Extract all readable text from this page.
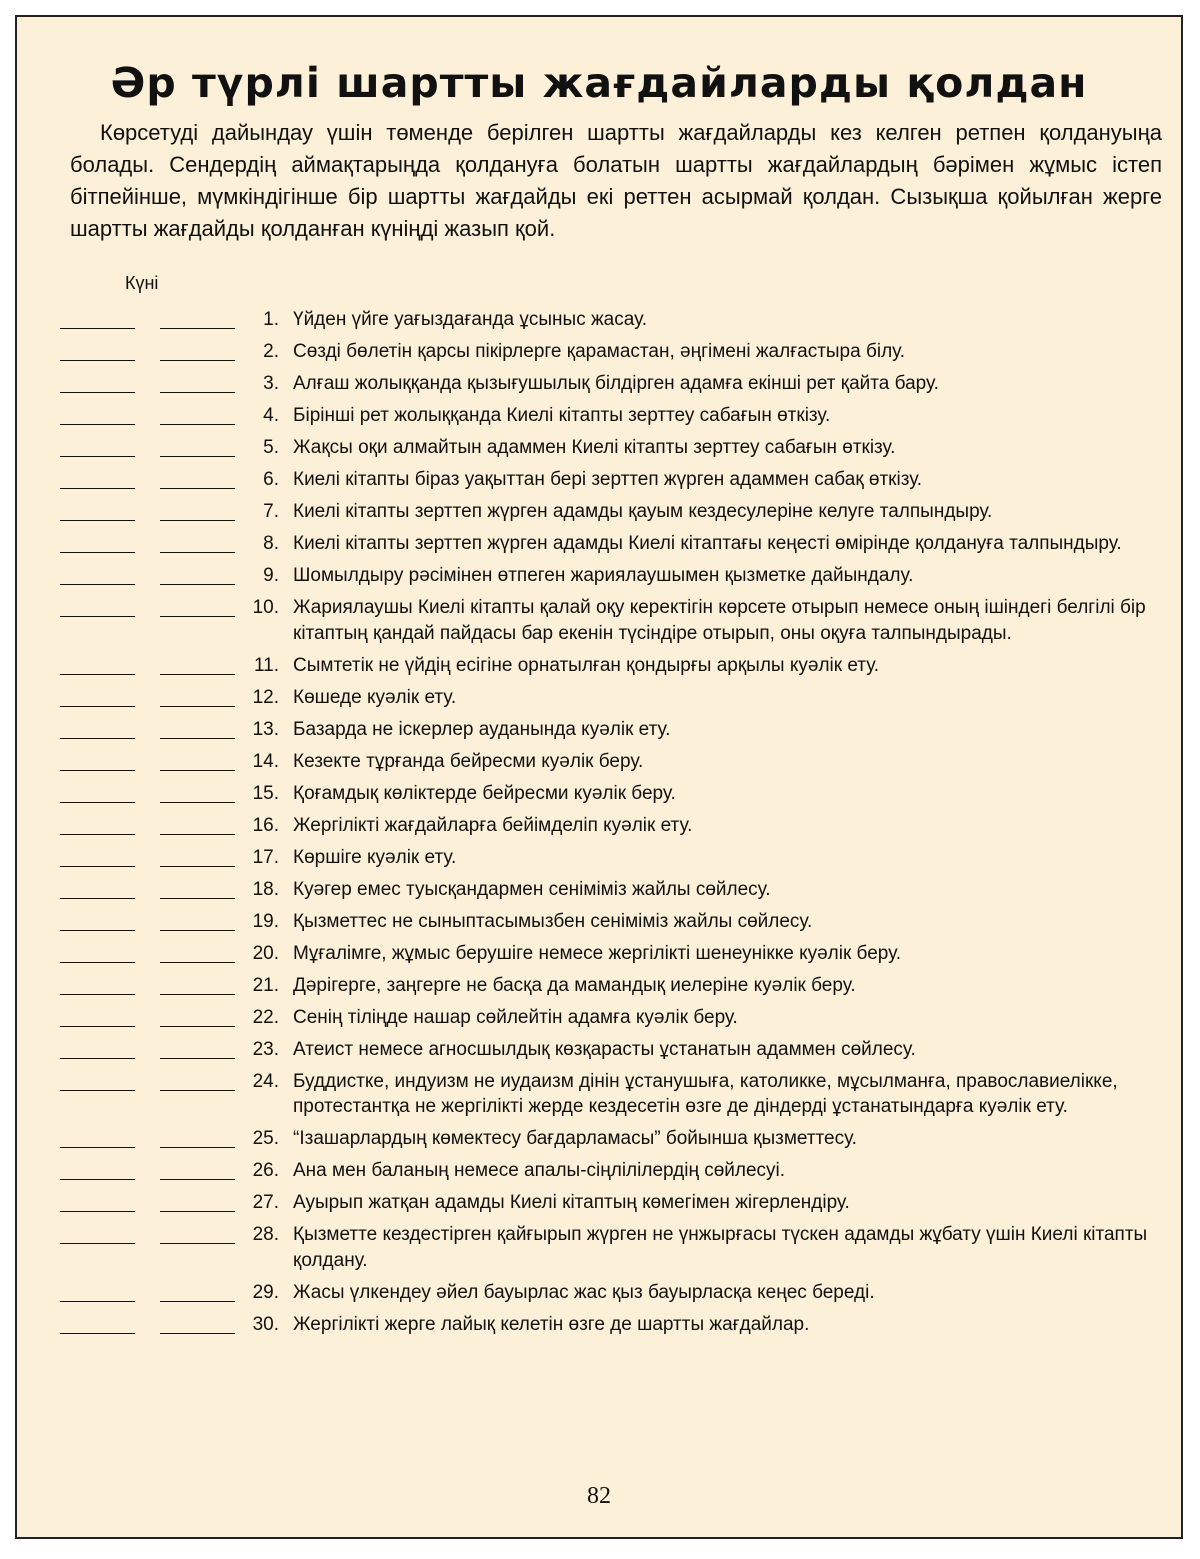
Әр түрлі шартты жағдайларды қолдан

Көрсетуді дайындау үшін төменде берілген шартты жағдайларды кез келген ретпен қолдануыңа болады. Сендердің аймақтарыңда қолдануға болатын шартты жағдайлардың бәрімен жұмыс істеп бітпейінше, мүмкіндігінше бір шартты жағдайды екі реттен асырмай қолдан. Сызықша қойылған жерге шартты жағдайды қолданған күніңді жазып қой.

Күні
1. Үйден үйге уағыздағанда ұсыныс жасау.
2. Сөзді бөлетін қарсы пікірлерге қарамастан, әңгімені жалғастыра білу.
3. Алғаш жолыққанда қызығушылық білдірген адамға екінші рет қайта бару.
4. Бірінші рет жолыққанда Киелі кітапты зерттеу сабағын өткізу.
5. Жақсы оқи алмайтын адаммен Киелі кітапты зерттеу сабағын өткізу.
6. Киелі кітапты біраз уақыттан бері зерттеп жүрген адаммен сабақ өткізу.
7. Киелі кітапты зерттеп жүрген адамды қауым кездесулеріне келуге талпындыру.
8. Киелі кітапты зерттеп жүрген адамды Киелі кітаптағы кеңесті өмірінде қолдануға талпындыру.
9. Шомылдыру рәсімінен өтпеген жариялаушымен қызметке дайындалу.
10. Жариялаушы Киелі кітапты қалай оқу керектігін көрсете отырып немесе оның ішіндегі белгілі бір кітаптың қандай пайдасы бар екенін түсіндіре отырып, оны оқуға талпындырады.
11. Сымтетік не үйдің есігіне орнатылған қондырғы арқылы куәлік ету.
12. Көшеде куәлік ету.
13. Базарда не іскерлер ауданында куәлік ету.
14. Кезекте тұрғанда бейресми куәлік беру.
15. Қоғамдық көліктерде бейресми куәлік беру.
16. Жергілікті жағдайларға бейімделіп куәлік ету.
17. Көршіге куәлік ету.
18. Куәгер емес туысқандармен сеніміміз жайлы сөйлесу.
19. Қызметтес не сыныптасымызбен сеніміміз жайлы сөйлесу.
20. Мұғалімге, жұмыс берушіге немесе жергілікті шенеунікке куәлік беру.
21. Дәрігерге, заңгерге не басқа да мамандық иелеріне куәлік беру.
22. Сенің тіліңде нашар сөйлейтін адамға куәлік беру.
23. Атеист немесе агносшылдық көзқарасты ұстанатын адаммен сөйлесу.
24. Буддистке, индуизм не иудаизм дінін ұстанушыға, католикке, мұсылманға, православиелікке, протестантқа не жергілікті жерде кездесетін өзге де діндерді ұстанатындарға куәлік ету.
25. “Ізашарлардың көмектесу бағдарламасы” бойынша қызметтесу.
26. Ана мен баланың немесе апалы-сіңлілілердің сөйлесуі.
27. Ауырып жатқан адамды Киелі кітаптың көмегімен жігерлендіру.
28. Қызметте кездестірген қайғырып жүрген не үнжырғасы түскен адамды жұбату үшін Киелі кітапты қолдану.
29. Жасы үлкендеу әйел бауырлас жас қыз бауырласқа кеңес береді.
30. Жергілікті жерге лайық келетін өзге де шартты жағдайлар.
82
